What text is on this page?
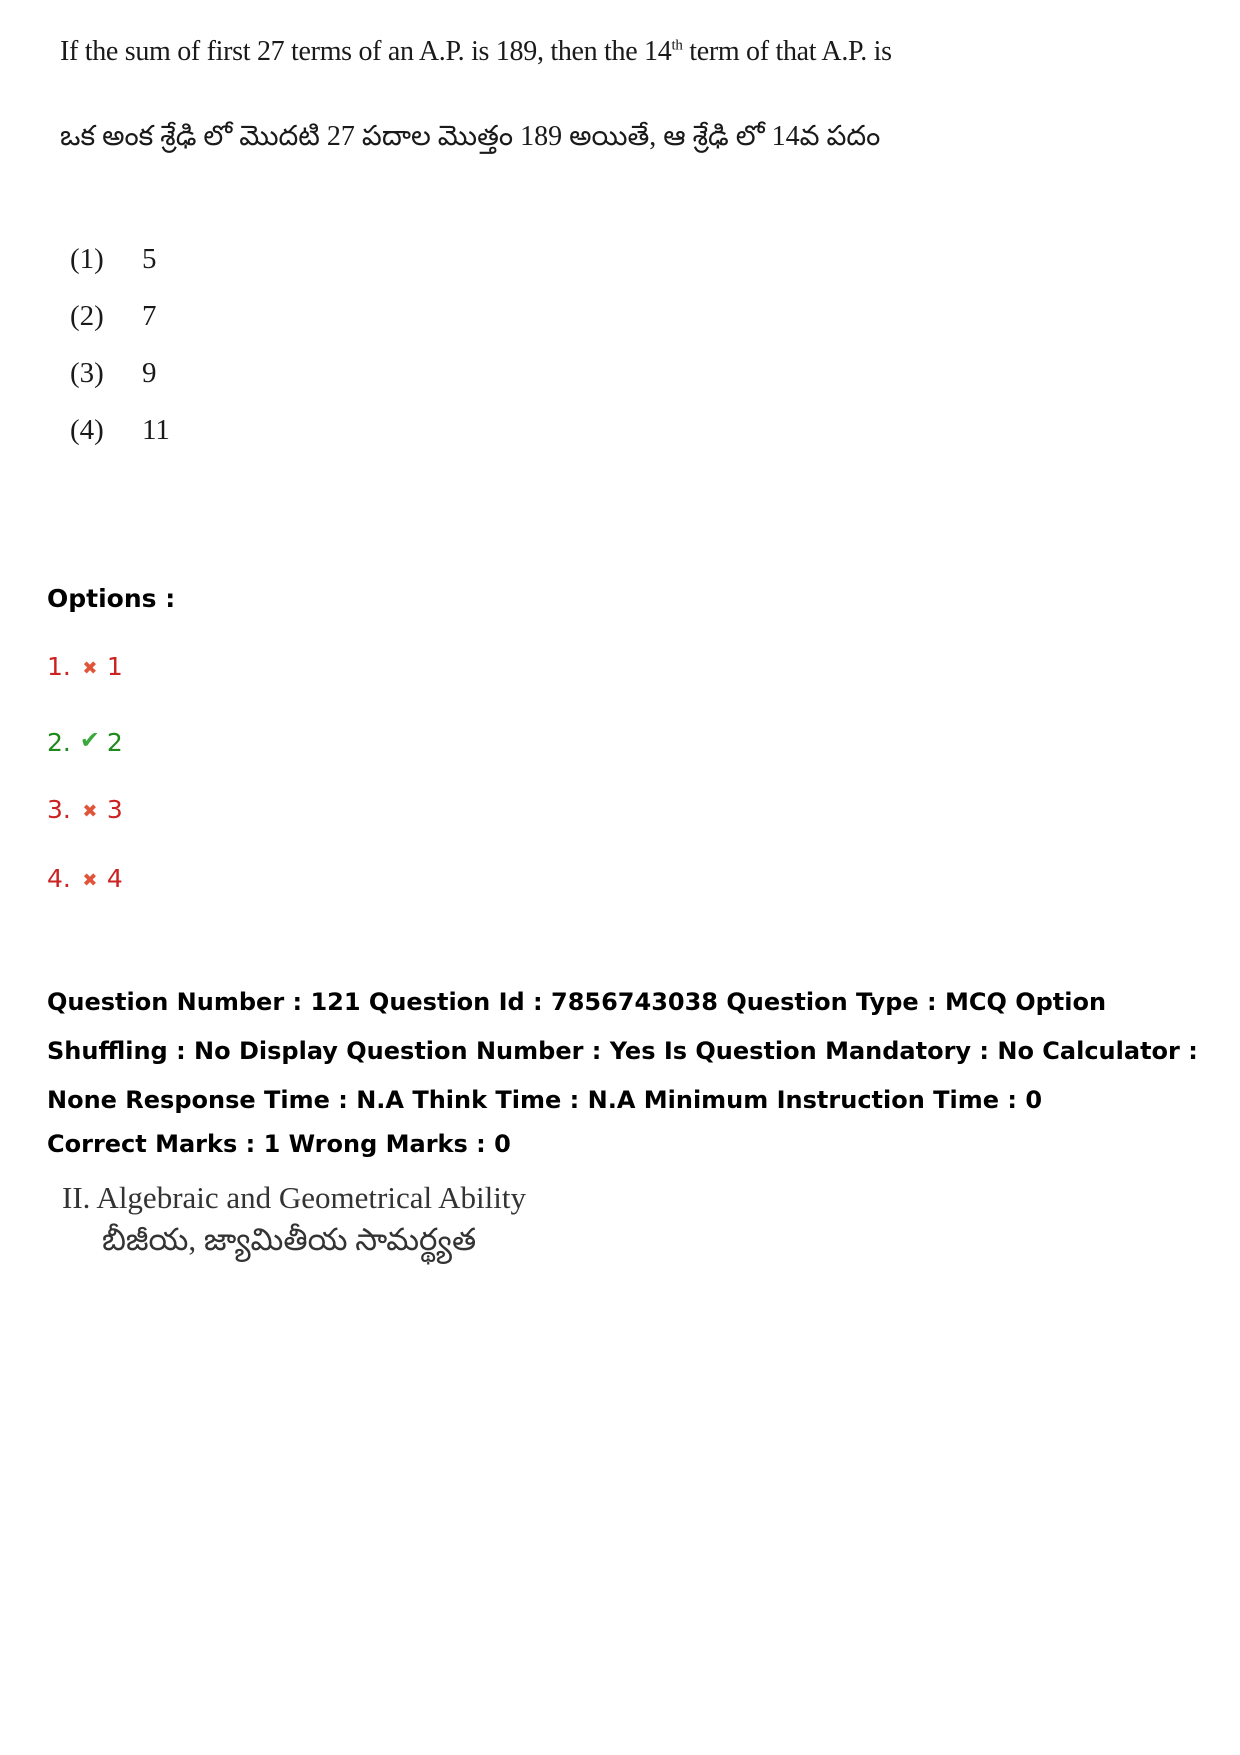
If the sum of first 27 terms of an A.P. is 189, then the 14th term of that A.P. is
ఒక అంక శ్రేఢి లో మొదటి 27 పదాల మొత్తం 189 అయితే, ఆ శ్రేఢి లో 14వ పదం
(1) 5
(2) 7
(3) 9
(4) 11
Options :
1. ✖ 1
2. ✔ 2
3. ✖ 3
4. ✖ 4
Question Number : 121 Question Id : 7856743038 Question Type : MCQ Option Shuffling : No Display Question Number : Yes Is Question Mandatory : No Calculator : None Response Time : N.A Think Time : N.A Minimum Instruction Time : 0
Correct Marks : 1 Wrong Marks : 0
II. Algebraic and Geometrical Ability
బీజీయ, జ్యామితీయ సామర్థ్యత
